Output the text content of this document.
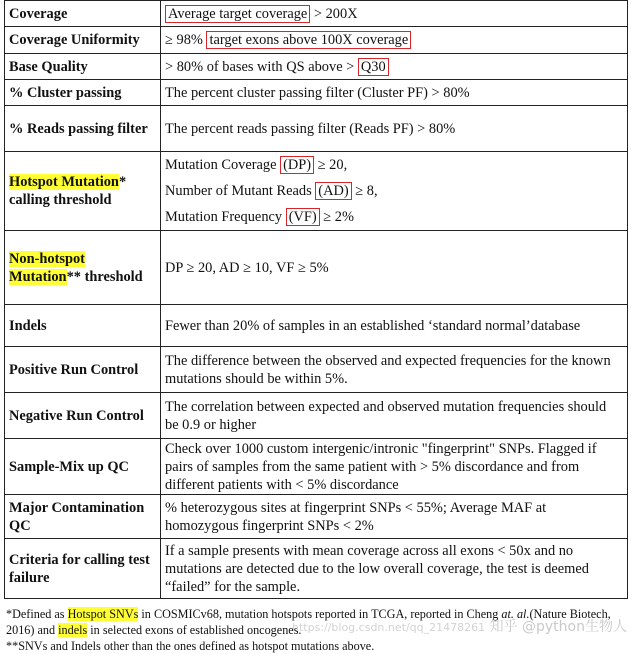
Coverage	Average target coverage > 200X
Coverage Uniformity	≥ 98% target exons above 100X coverage
Base Quality	> 80% of bases with QS above > Q30
% Cluster passing	The percent cluster passing filter (Cluster PF) > 80%
% Reads passing filter	The percent reads passing filter (Reads PF) > 80%
Hotspot Mutation* calling threshold	Mutation Coverage (DP) ≥ 20,
Number of Mutant Reads (AD) ≥ 8,
Mutation Frequency (VF) ≥ 2%

Non-hotspot Mutation** threshold	DP ≥ 20, AD ≥ 10, VF ≥ 5%
Indels	Fewer than 20% of samples in an established ‘standard normal’database
Positive Run Control	The difference between the observed and expected frequencies for the known mutations should be within 5%.
Negative Run Control	The correlation between expected and observed mutation frequencies should be 0.9 or higher
Sample-Mix up QC	Check over 1000 custom intergenic/intronic "fingerprint" SNPs. Flagged if pairs of samples from the same patient with > 5% discordance and from different patients with < 5% discordance
Major Contamination QC	% heterozygous sites at fingerprint SNPs < 55%; Average MAF at homozygous fingerprint SNPs < 2%
Criteria for calling test failure	If a sample presents with mean coverage across all exons < 50x and no mutations are detected due to the low overall coverage, the test is deemed “failed” for the sample.
*Defined as Hotspot SNVs in COSMICv68, mutation hotspots reported in TCGA, reported in Cheng at. al.(Nature Biotech, 2016) and indels in selected exons of established oncogenes.
**SNVs and Indels other than the ones defined as hotspot mutations above.
https://blog.csdn.net/qq_21478261 知乎 @python生物人
